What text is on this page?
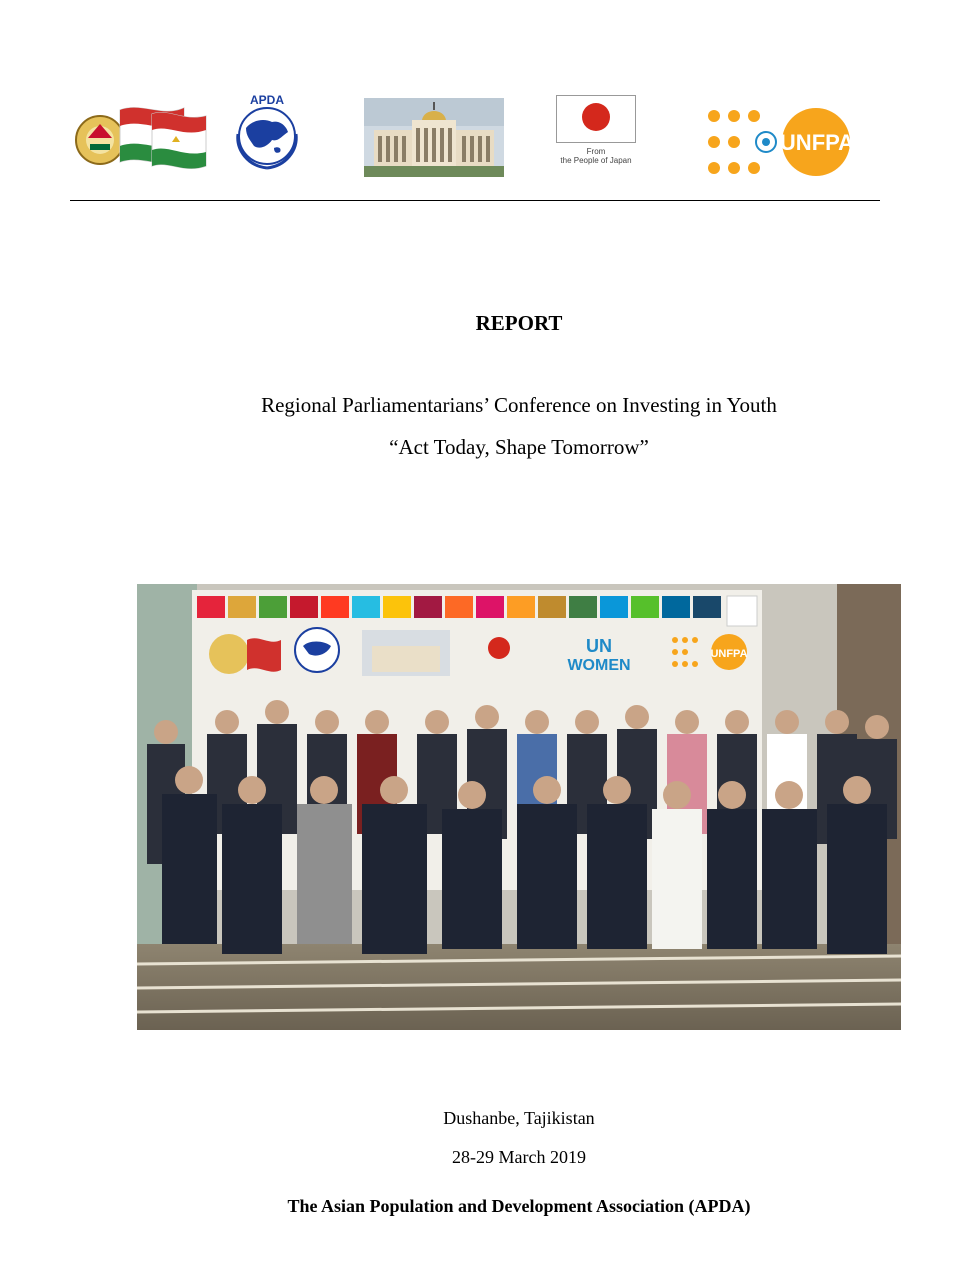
APDA
From
the People of Japan
UNFPA
REPORT
Regional Parliamentarians’ Conference on Investing in Youth
“Act Today, Shape Tomorrow”
UN
WOMEN
UNFPA
Dushanbe, Tajikistan
28-29 March 2019
The Asian Population and Development Association (APDA)
